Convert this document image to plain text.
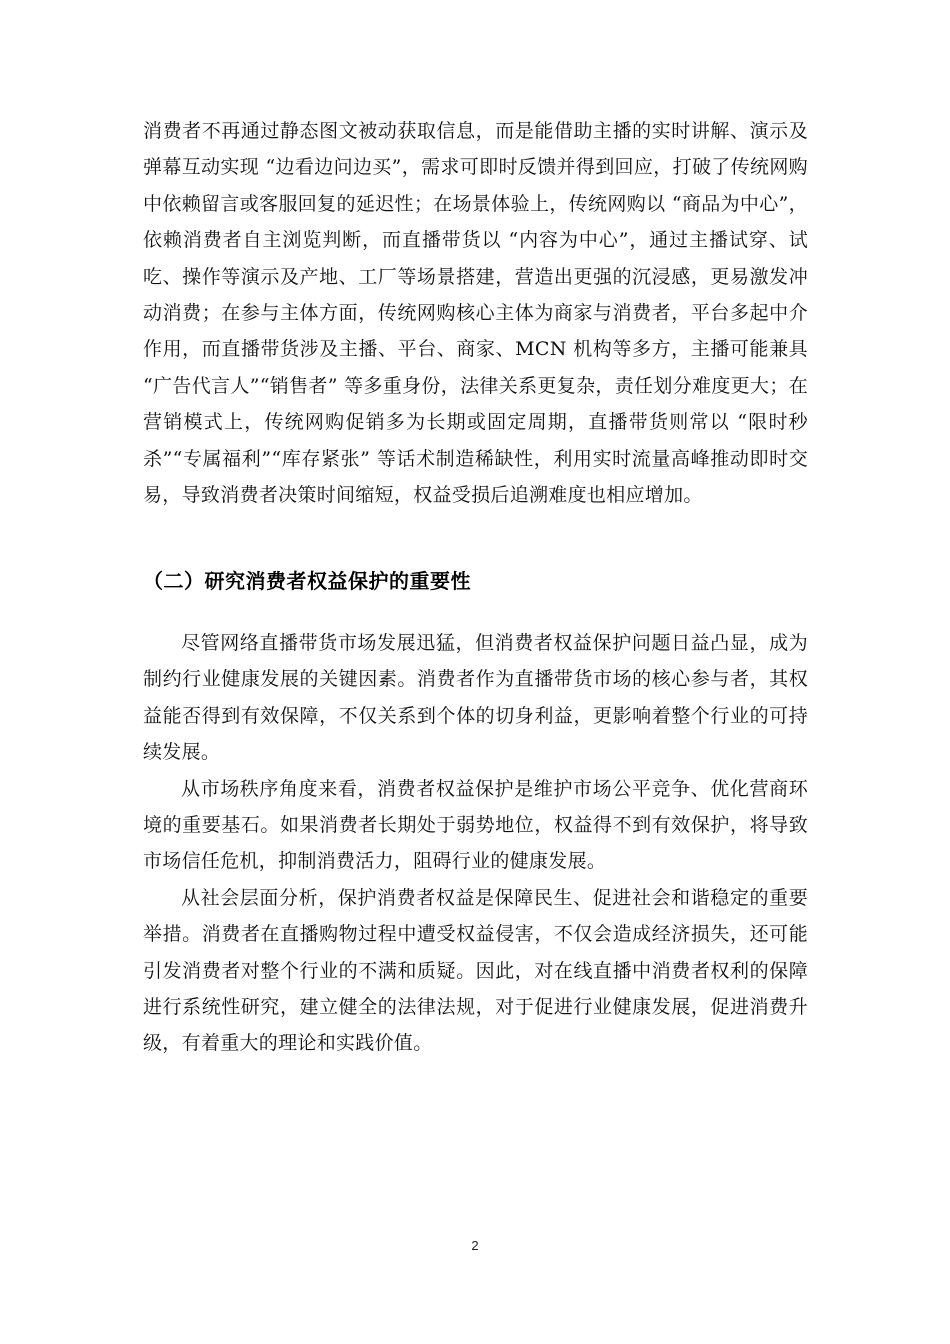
消费者不再通过静态图文被动获取信息，而是能借助主播的实时讲解、演示及弹幕互动实现 “边看边问边买”，需求可即时反馈并得到回应，打破了传统网购中依赖留言或客服回复的延迟性；在场景体验上，传统网购以 “商品为中心”，依赖消费者自主浏览判断，而直播带货以 “内容为中心”，通过主播试穿、试吃、操作等演示及产地、工厂等场景搭建，营造出更强的沉浸感，更易激发冲动消费；在参与主体方面，传统网购核心主体为商家与消费者，平台多起中介作用，而直播带货涉及主播、平台、商家、MCN 机构等多方，主播可能兼具 “广告代言人”“销售者” 等多重身份，法律关系更复杂，责任划分难度更大；在营销模式上，传统网购促销多为长期或固定周期，直播带货则常以 “限时秒杀”“专属福利”“库存紧张” 等话术制造稀缺性，利用实时流量高峰推动即时交易，导致消费者决策时间缩短，权益受损后追溯难度也相应增加。

（二）研究消费者权益保护的重要性

尽管网络直播带货市场发展迅猛，但消费者权益保护问题日益凸显，成为制约行业健康发展的关键因素。消费者作为直播带货市场的核心参与者，其权益能否得到有效保障，不仅关系到个体的切身利益，更影响着整个行业的可持续发展。

从市场秩序角度来看，消费者权益保护是维护市场公平竞争、优化营商环境的重要基石。如果消费者长期处于弱势地位，权益得不到有效保护，将导致市场信任危机，抑制消费活力，阻碍行业的健康发展。

从社会层面分析，保护消费者权益是保障民生、促进社会和谐稳定的重要举措。消费者在直播购物过程中遭受权益侵害，不仅会造成经济损失，还可能引发消费者对整个行业的不满和质疑。因此，对在线直播中消费者权利的保障进行系统性研究，建立健全的法律法规，对于促进行业健康发展，促进消费升级，有着重大的理论和实践价值。

2
